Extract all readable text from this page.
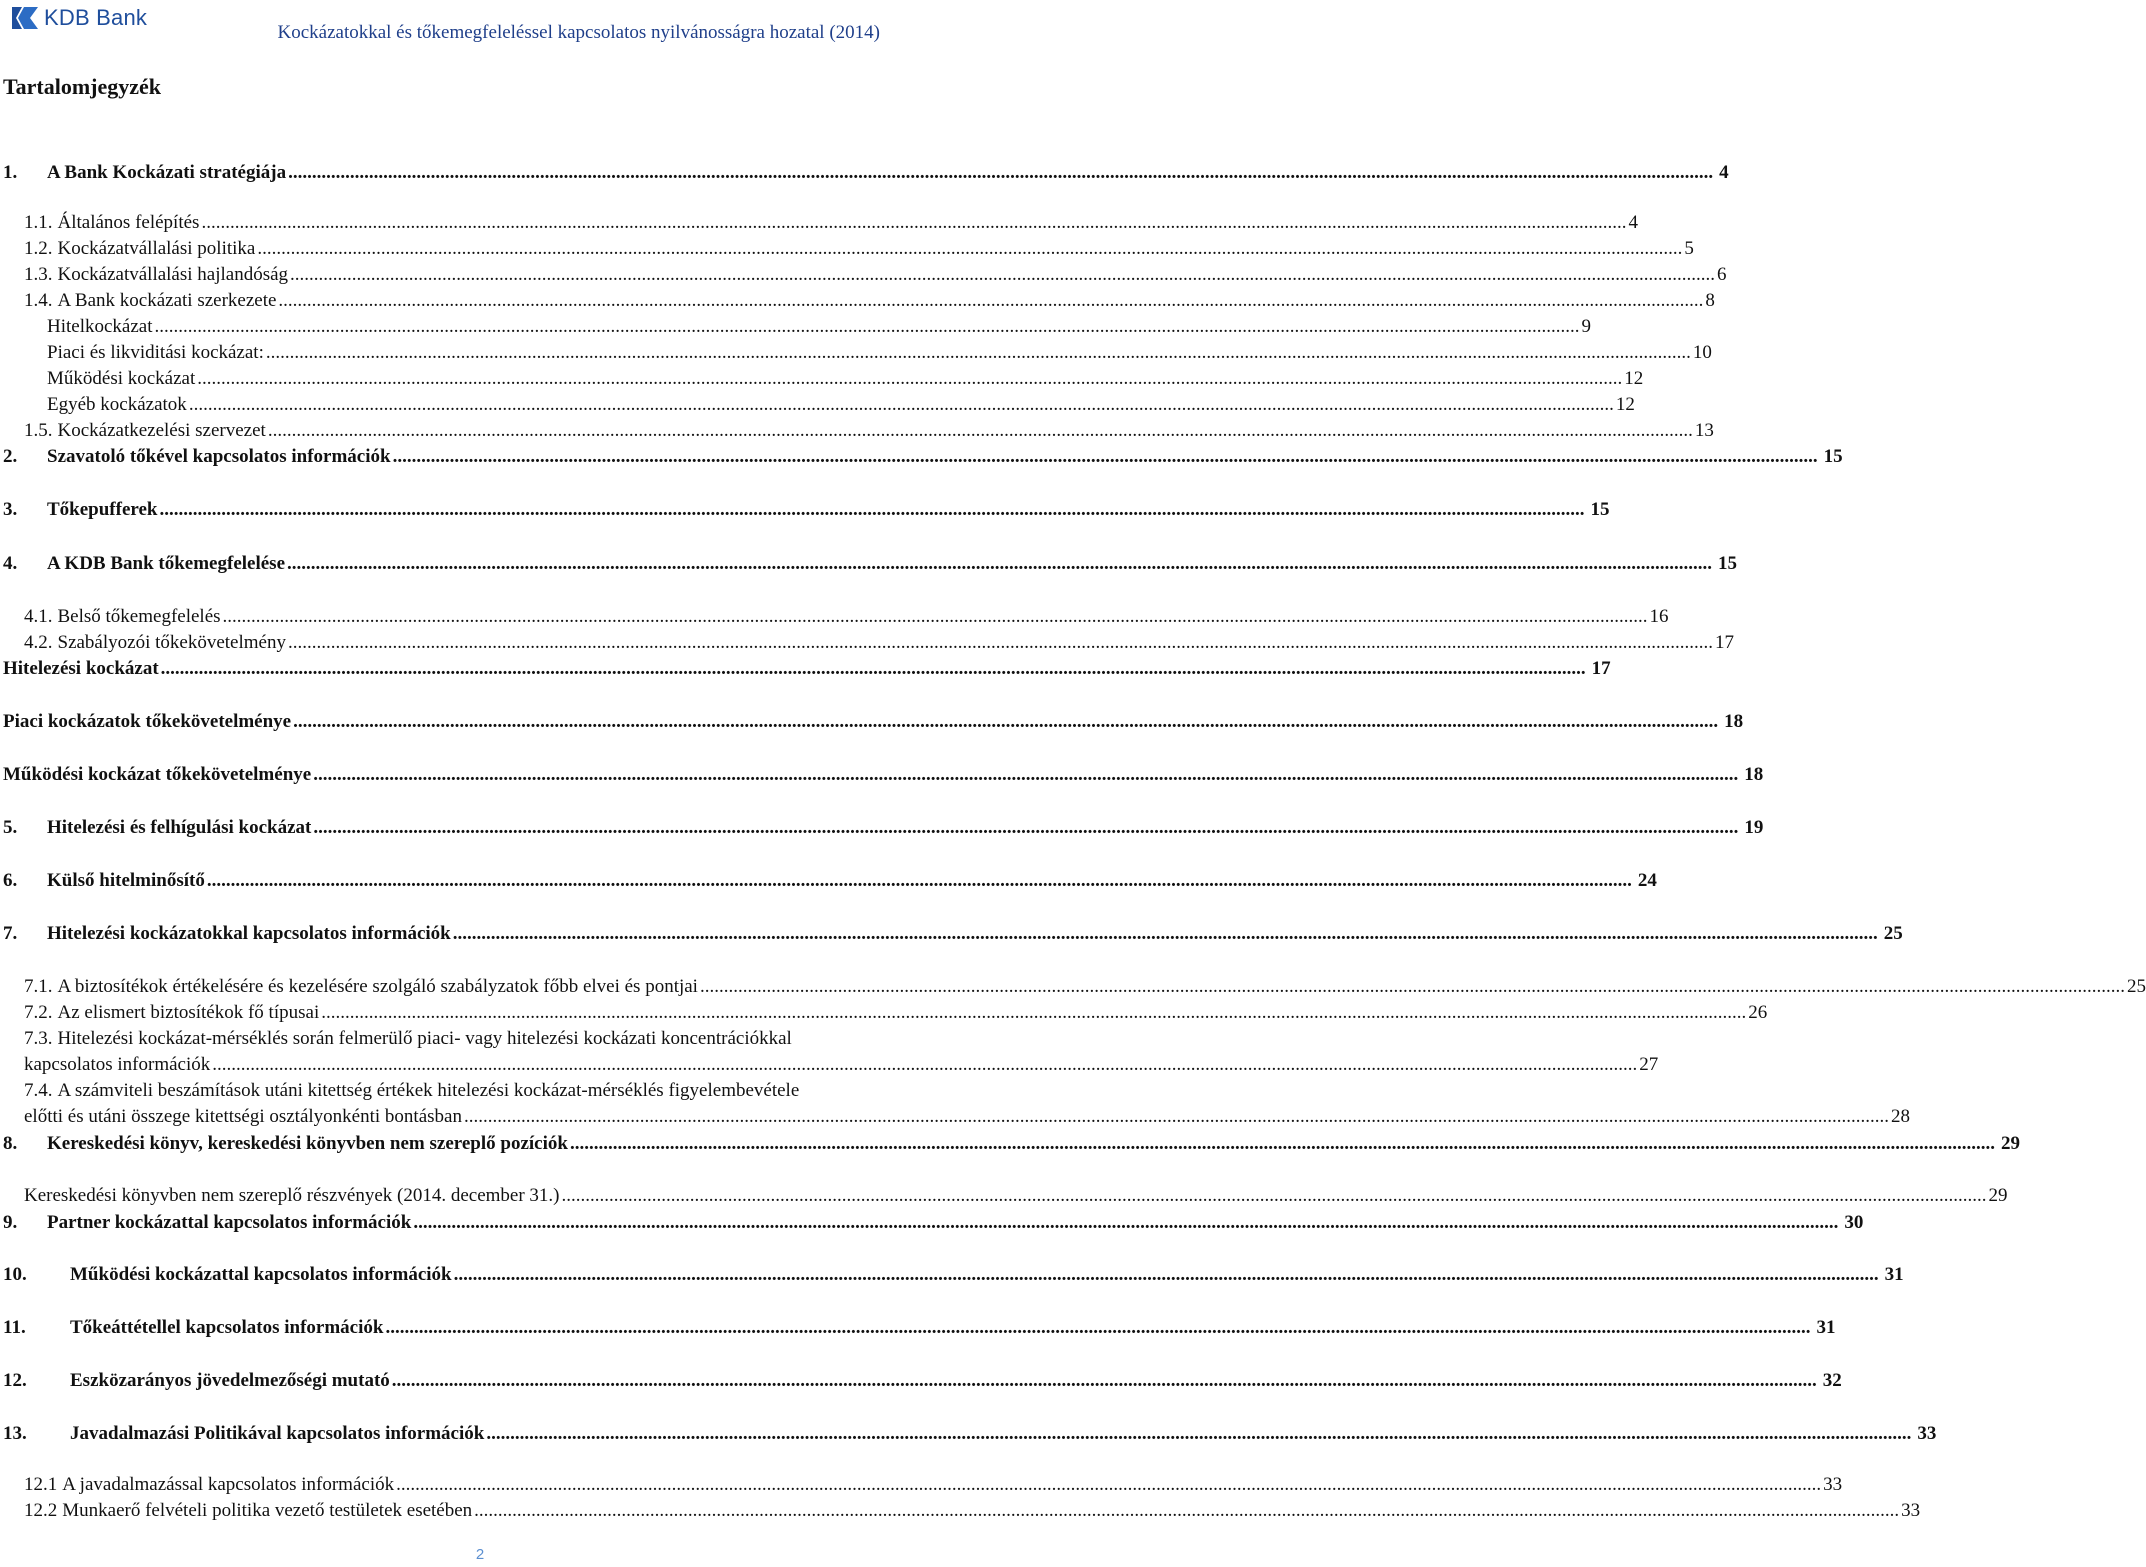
KDB Bank
Kockázatokkal és tőkemegfeleléssel kapcsolatos nyilvánosságra hozatal (2014)
Tartalomjegyzék
1.	A Bank Kockázati stratégiája ............................................................................................................................................................................................................................................................................................................ 4
1.1. Általános felépítés ............................................................................................................................................................................................................................................................................................................ 4
1.2. Kockázatvállalási politika ............................................................................................................................................................................................................................................................................................................ 5
1.3. Kockázatvállalási hajlandóság ............................................................................................................................................................................................................................................................................................................ 6
1.4. A Bank kockázati szerkezete ............................................................................................................................................................................................................................................................................................................ 8
Hitelkockázat ............................................................................................................................................................................................................................................................................................................ 9
Piaci és likviditási kockázat: ............................................................................................................................................................................................................................................................................................................ 10
Működési kockázat ............................................................................................................................................................................................................................................................................................................ 12
Egyéb kockázatok ............................................................................................................................................................................................................................................................................................................ 12
1.5. Kockázatkezelési szervezet ............................................................................................................................................................................................................................................................................................................ 13
2.	Szavatoló tőkével kapcsolatos információk ............................................................................................................................................................................................................................................................................................................ 15
3.	Tőkepufferek ............................................................................................................................................................................................................................................................................................................ 15
4.	A KDB Bank tőkemegfelelése ............................................................................................................................................................................................................................................................................................................ 15
4.1. Belső tőkemegfelelés ............................................................................................................................................................................................................................................................................................................ 16
4.2. Szabályozói tőkekövetelmény ............................................................................................................................................................................................................................................................................................................ 17
Hitelezési kockázat ............................................................................................................................................................................................................................................................................................................ 17
Piaci kockázatok tőkekövetelménye ............................................................................................................................................................................................................................................................................................................ 18
Működési kockázat tőkekövetelménye ............................................................................................................................................................................................................................................................................................................ 18
5.	Hitelezési és felhígulási kockázat ............................................................................................................................................................................................................................................................................................................ 19
6.	Külső hitelminősítő ............................................................................................................................................................................................................................................................................................................ 24
7.	Hitelezési kockázatokkal kapcsolatos információk ............................................................................................................................................................................................................................................................................................................ 25
7.1. A biztosítékok értékelésére és kezelésére szolgáló szabályzatok főbb elvei és pontjai ............................................................................................................................................................................................................................................................................................................ 25
7.2. Az elismert biztosítékok fő típusai ............................................................................................................................................................................................................................................................................................................ 26
7.3. Hitelezési kockázat-mérséklés során felmerülő piaci- vagy hitelezési kockázati koncentrációkkal
kapcsolatos információk ............................................................................................................................................................................................................................................................................................................ 27
7.4. A számviteli beszámítások utáni kitettség értékek hitelezési kockázat-mérséklés figyelembevétele
előtti és utáni összege kitettségi osztályonkénti bontásban ............................................................................................................................................................................................................................................................................................................ 28
8.	Kereskedési könyv, kereskedési könyvben nem szereplő pozíciók ............................................................................................................................................................................................................................................................................................................ 29
Kereskedési könyvben nem szereplő részvények (2014. december 31.) ............................................................................................................................................................................................................................................................................................................ 29
9.	Partner kockázattal kapcsolatos információk ............................................................................................................................................................................................................................................................................................................ 30
10.	Működési kockázattal kapcsolatos információk ............................................................................................................................................................................................................................................................................................................ 31
11.	Tőkeáttétellel kapcsolatos információk ............................................................................................................................................................................................................................................................................................................ 31
12.	Eszközarányos jövedelmezőségi mutató ............................................................................................................................................................................................................................................................................................................ 32
13.	Javadalmazási Politikával kapcsolatos információk ............................................................................................................................................................................................................................................................................................................ 33
12.1 A javadalmazással kapcsolatos információk ............................................................................................................................................................................................................................................................................................................ 33
12.2 Munkaerő felvételi politika vezető testületek esetében ............................................................................................................................................................................................................................................................................................................ 33
2
